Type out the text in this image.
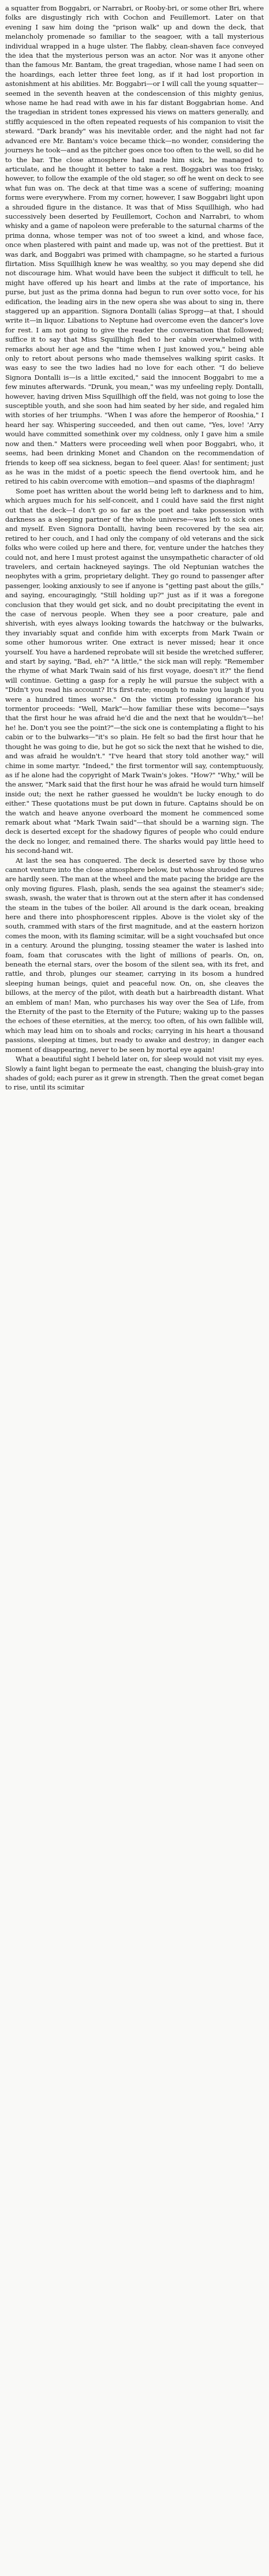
a squatter from Boggabri, or Narrabri, or Rooby-bri, or some other Bri, where folks are disgustingly rich with Cochon and Feuillemort. Later on that evening I saw him doing the "prison walk" up and down the deck, that melancholy promenade so familiar to the seagoer, with a tall mysterious individual wrapped in a huge ulster. The flabby, clean-shaven face conveyed the idea that the mysterious person was an actor. Nor was it anyone other than the famous Mr. Bantam, the great tragedian, whose name I had seen on the hoardings, each letter three feet long, as if it had lost proportion in astonishment at his abilities. Mr. Boggabri—or I will call the young squatter—seemed in the seventh heaven at the condescension of this mighty genius, whose name he had read with awe in his far distant Boggabrian home. And the tragedian in strident tones expressed his views on matters generally, and stiffly acquiesced in the often repeated requests of his companion to visit the steward. "Dark brandy" was his inevitable order, and the night had not far advanced ere Mr. Bantam's voice became thick—no wonder, considering the journeys he took—and as the pitcher goes once too often to the well, so did he to the bar. The close atmosphere had made him sick, he managed to articulate, and he thought it better to take a rest. Boggabri was too frisky, however, to follow the example of the old stager, so off he went on deck to see what fun was on. The deck at that time was a scene of suffering; moaning forms were everywhere. From my corner, however, I saw Boggabri light upon a shrouded figure in the distance. It was that of Miss Squillhigh, who had successively been deserted by Feuillemort, Cochon and Narrabri, to whom whisky and a game of napoleon were preferable to the saturnal charms of the prima donna, whose temper was not of too sweet a kind, and whose face, once when plastered with paint and made up, was not of the prettiest. But it was dark, and Boggabri was primed with champagne, so he started a furious flirtation. Miss Squillhigh knew he was wealthy, so you may depend she did not discourage him. What would have been the subject it difficult to tell, he might have offered up his heart and limbs at the rate of importance, his purse, but just as the prima donna had begun to run over sotto voce, for his edification, the leading airs in the new opera she was about to sing in, there staggered up an apparition. Signora Dontalli (alias Sprogg—at that, I should write it—in liquor. Libations to Neptune had overcome even the dancer's love for rest. I am not going to give the reader the conversation that followed; suffice it to say that Miss Squillhigh fled to her cabin overwhelmed with remarks about her age and the "time when I just knowed you," being able only to retort about persons who made themselves walking spirit casks. It was easy to see the two ladies had no love for each other. "I do believe Signora Dontalli is—is a little excited," said the innocent Boggabri to me a few minutes afterwards. "Drunk, you mean," was my unfeeling reply. Dontalli, however, having driven Miss Squillhigh off the field, was not going to lose the susceptible youth, and she soon had him seated by her side, and regaled him with stories of her triumphs. "When I was afore the hemperor of Rooshia," I heard her say. Whispering succeeded, and then out came, "Yes, love! 'Arry would have committed somethink over my coldness, only I gave him a smile now and then." Matters were proceeding well when poor Boggabri, who, it seems, had been drinking Monet and Chandon on the recommendation of friends to keep off sea sickness, began to feel queer. Alas! for sentiment; just as he was in the midst of a poetic speech the fiend overtook him, and he retired to his cabin overcome with emotion—and spasms of the diaphragm!

Some poet has written about the world being left to darkness and to him, which argues much for his self-conceit, and I could have said the first night out that the deck—I don't go so far as the poet and take possession with darkness as a sleeping partner of the whole universe—was left to sick ones and myself. Even Signora Dontalli, having been recovered by the sea air, retired to her couch, and I had only the company of old veterans and the sick folks who were coiled up here and there, for, venture under the hatches they could not, and here I must protest against the unsympathetic character of old travelers, and certain hackneyed sayings. The old Neptunian watches the neophytes with a grim, proprietary delight. They go round to passenger after passenger, looking anxiously to see if anyone is "getting past about the gills," and saying, encouragingly, "Still holding up?" just as if it was a foregone conclusion that they would get sick, and no doubt precipitating the event in the case of nervous people. When they see a poor creature, pale and shiverish, with eyes always looking towards the hatchway or the bulwarks, they invariably squat and confide him with excerpts from Mark Twain or some other humorous writer. One extract is never missed; hear it once yourself. You have a hardened reprobate will sit beside the wretched sufferer, and start by saying, "Bad, eh?" "A little," the sick man will reply. "Remember the rhyme of what Mark Twain said of his first voyage, doesn't it?" the fiend will continue. Getting a gasp for a reply he will pursue the subject with a "Didn't you read his account? It's first-rate; enough to make you laugh if you were a hundred times worse." On the victim professing ignorance his tormentor proceeds: "Well, Mark"—how familiar these wits become—"says that the first hour he was afraid he'd die and the next that he wouldn't—he! he! he. Don't you see the point?"—the sick one is contemplating a flight to his cabin or to the bulwarks—"it's so plain. He felt so bad the first hour that he thought he was going to die, but he got so sick the next that he wished to die, and was afraid he wouldn't." "I've heard that story told another way," will chime in some martyr. "Indeed," the first tormentor will say, contemptuously, as if he alone had the copyright of Mark Twain's jokes. "How?" "Why," will be the answer, "Mark said that the first hour he was afraid he would turn himself inside out; the next he rather guessed he wouldn't be lucky enough to do either." These quotations must be put down in future. Captains should be on the watch and heave anyone overboard the moment he commenced some remark about what "Mark Twain said"—that should be a warning sign. The deck is deserted except for the shadowy figures of people who could endure the deck no longer, and remained there. The sharks would pay little heed to his second-hand wit.

At last the sea has conquered. The deck is deserted save by those who cannot venture into the close atmosphere below, but whose shrouded figures are hardly seen. The man at the wheel and the mate pacing the bridge are the only moving figures. Flash, plash, sends the sea against the steamer's side; swash, swash, the water that is thrown out at the stern after it has condensed the steam in the tubes of the boiler. All around is the dark ocean, breaking here and there into phosphorescent ripples. Above is the violet sky of the south, crammed with stars of the first magnitude, and at the eastern horizon comes the moon, with its flaming scimitar, will be a sight vouchsafed but once in a century. Around the plunging, tossing steamer the water is lashed into foam, foam that coruscates with the light of millions of pearls. On, on, beneath the eternal stars, over the bosom of the silent sea, with its fret, and rattle, and throb, plunges our steamer, carrying in its bosom a hundred sleeping human beings, quiet and peaceful now. On, on, she cleaves the billows, at the mercy of the pilot, with death but a hairbreadth distant. What an emblem of man! Man, who purchases his way over the Sea of Life, from the Eternity of the past to the Eternity of the Future; waking up to the passes the echoes of these eternities, at the mercy, too often, of his own fallible will, which may lead him on to shoals and rocks; carrying in his heart a thousand passions, sleeping at times, but ready to awake and destroy; in danger each moment of disappearing, never to be seen by mortal eye again!

What a beautiful sight I beheld later on, for sleep would not visit my eyes. Slowly a faint light began to permeate the east, changing the bluish-gray into shades of gold; each purer as it grew in strength. Then the great comet began to rise, until its scimitar
